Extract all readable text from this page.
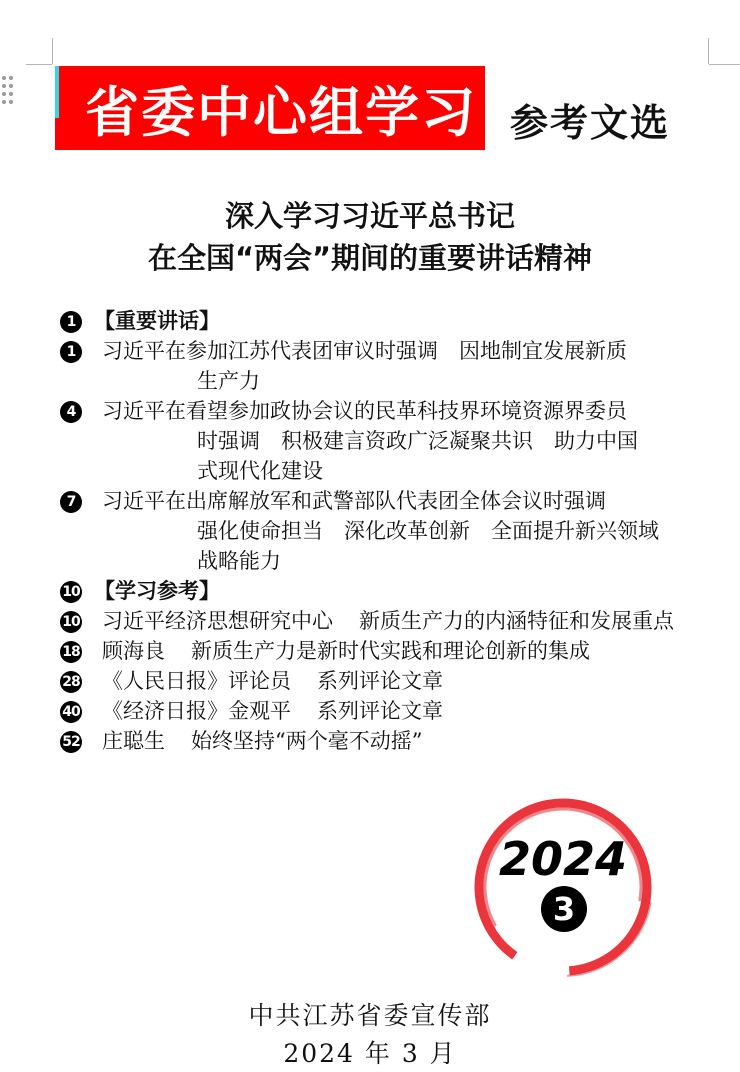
省委中心组学习 参考文选
深入学习习近平总书记
在全国“两会”期间的重要讲话精神
1 【重要讲话】
1	习近平在参加江苏代表团审议时强调　因地制宜发展新质
生产力
4	习近平在看望参加政协会议的民革科技界环境资源界委员
时强调　积极建言资政广泛凝聚共识　助力中国
式现代化建设
7	习近平在出席解放军和武警部队代表团全体会议时强调
强化使命担当　深化改革创新　全面提升新兴领域
战略能力
10 【学习参考】
10 习近平经济思想研究中心 新质生产力的内涵特征和发展重点
18 顾海良 新质生产力是新时代实践和理论创新的集成
28 《人民日报》评论员 系列评论文章
40 《经济日报》金观平 系列评论文章
52 庄聪生 始终坚持“两个毫不动摇”
2024
3
中共江苏省委宣传部
2024 年 3 月
